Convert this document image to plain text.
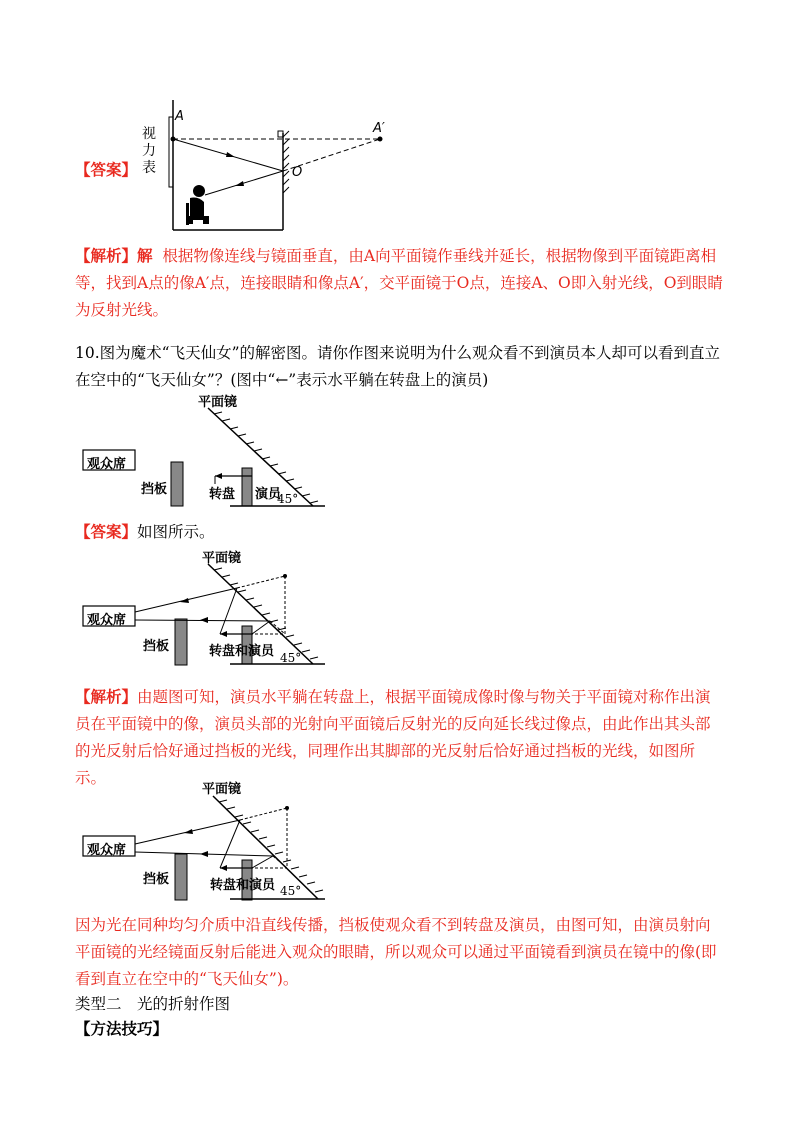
【答案】
视力表
A
A′
O
【解析】解 根据物像连线与镜面垂直，由A向平面镜作垂线并延长，根据物像到平面镜距离相等，找到A点的像A′点，连接眼睛和像点A′，交平面镜于O点，连接A、O即入射光线，O到眼睛为反射光线。
10.图为魔术“飞天仙女”的解密图。请你作图来说明为什么观众看不到演员本人却可以看到直立在空中的“飞天仙女”？(图中“←”表示水平躺在转盘上的演员)
平面镜
观众席
挡板	转盘 演员
45°
【答案】如图所示。
平面镜
观众席
挡板	转盘和演员 45°
【解析】由题图可知，演员水平躺在转盘上，根据平面镜成像时像与物关于平面镜对称作出演员在平面镜中的像，演员头部的光射向平面镜后反射光的反向延长线过像点，由此作出其头部的光反射后恰好通过挡板的光线，同理作出其脚部的光反射后恰好通过挡板的光线，如图所示。
平面镜
观众席
挡板	转盘和演员 45°
因为光在同种均匀介质中沿直线传播，挡板使观众看不到转盘及演员，由图可知，由演员射向平面镜的光经镜面反射后能进入观众的眼睛，所以观众可以通过平面镜看到演员在镜中的像(即看到直立在空中的“飞天仙女”)。
类型二　光的折射作图
【方法技巧】
